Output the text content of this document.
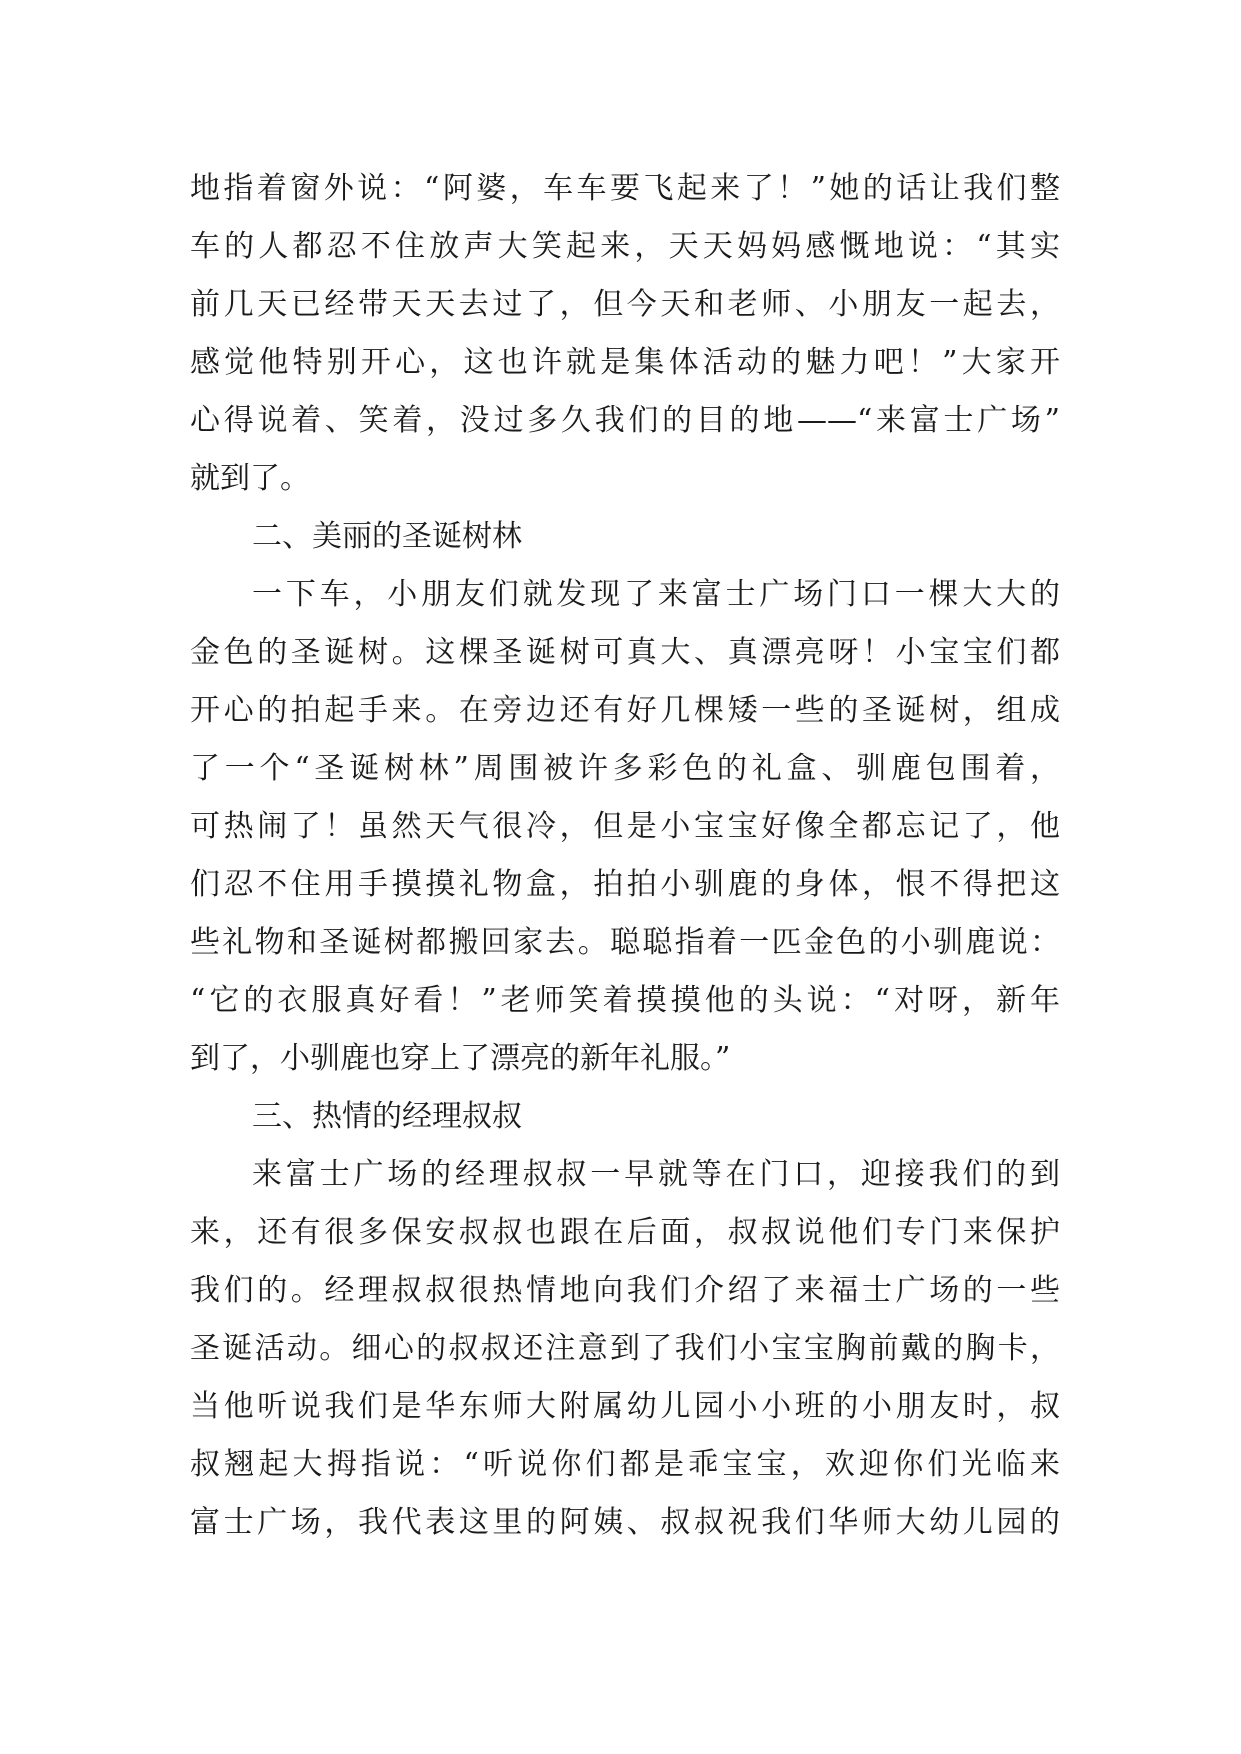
地指着窗外说：“阿婆，车车要飞起来了！”她的话让我们整
车的人都忍不住放声大笑起来，天天妈妈感慨地说：“其实
前几天已经带天天去过了，但今天和老师、小朋友一起去，
感觉他特别开心，这也许就是集体活动的魅力吧！”大家开
心得说着、笑着，没过多久我们的目的地——“来富士广场”
就到了。
二、美丽的圣诞树林
一下车，小朋友们就发现了来富士广场门口一棵大大的
金色的圣诞树。这棵圣诞树可真大、真漂亮呀！小宝宝们都
开心的拍起手来。在旁边还有好几棵矮一些的圣诞树，组成
了一个“圣诞树林”周围被许多彩色的礼盒、驯鹿包围着，
可热闹了！虽然天气很冷，但是小宝宝好像全都忘记了，他
们忍不住用手摸摸礼物盒，拍拍小驯鹿的身体，恨不得把这
些礼物和圣诞树都搬回家去。聪聪指着一匹金色的小驯鹿说：
“它的衣服真好看！”老师笑着摸摸他的头说：“对呀，新年
到了，小驯鹿也穿上了漂亮的新年礼服。”
三、热情的经理叔叔
来富士广场的经理叔叔一早就等在门口，迎接我们的到
来，还有很多保安叔叔也跟在后面，叔叔说他们专门来保护
我们的。经理叔叔很热情地向我们介绍了来福士广场的一些
圣诞活动。细心的叔叔还注意到了我们小宝宝胸前戴的胸卡，
当他听说我们是华东师大附属幼儿园小小班的小朋友时，叔
叔翘起大拇指说：“听说你们都是乖宝宝，欢迎你们光临来
富士广场，我代表这里的阿姨、叔叔祝我们华师大幼儿园的
